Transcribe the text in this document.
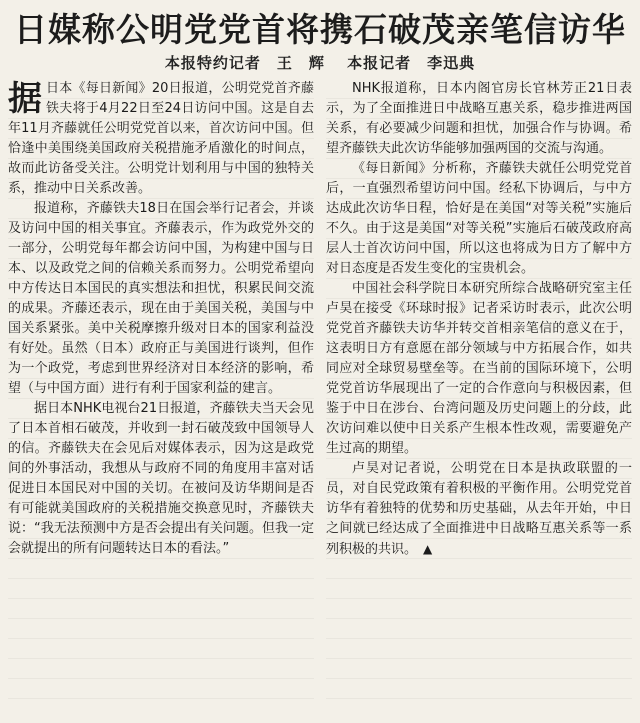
日媒称公明党党首将携石破茂亲笔信访华
本报特约记者　王　辉 本报记者　李迅典

据日本《每日新闻》20日报道，公明党党首齐藤铁夫将于4月22日至24日访问中国。这是自去年11月齐藤就任公明党党首以来，首次访问中国。但恰逢中美围绕美国政府关税措施矛盾激化的时间点，故而此访备受关注。公明党计划利用与中国的独特关系，推动中日关系改善。

报道称，齐藤铁夫18日在国会举行记者会，并谈及访问中国的相关事宜。齐藤表示，作为政党外交的一部分，公明党每年都会访问中国，为构建中国与日本、以及政党之间的信赖关系而努力。公明党希望向中方传达日本国民的真实想法和担忧，积累民间交流的成果。齐藤还表示，现在由于美国关税，美国与中国关系紧张。美中关税摩擦升级对日本的国家利益没有好处。虽然（日本）政府正与美国进行谈判，但作为一个政党，考虑到世界经济对日本经济的影响，希望（与中国方面）进行有利于国家利益的建言。

据日本NHK电视台21日报道，齐藤铁夫当天会见了日本首相石破茂，并收到一封石破茂致中国领导人的信。齐藤铁夫在会见后对媒体表示，因为这是政党间的外事活动，我想从与政府不同的角度用丰富对话促进日本国民对中国的关切。在被问及访华期间是否有可能就美国政府的关税措施交换意见时，齐藤铁夫说：“我无法预测中方是否会提出有关问题。但我一定会就提出的所有问题转达日本的看法。”

NHK报道称，日本内阁官房长官林芳正21日表示，为了全面推进日中战略互惠关系，稳步推进两国关系，有必要减少问题和担忧，加强合作与协调。希望齐藤铁夫此次访华能够加强两国的交流与沟通。

《每日新闻》分析称，齐藤铁夫就任公明党党首后，一直强烈希望访问中国。经私下协调后，与中方达成此次访华日程，恰好是在美国“对等关税”实施后不久。由于这是美国“对等关税”实施后石破茂政府高层人士首次访问中国，所以这也将成为日方了解中方对日态度是否发生变化的宝贵机会。

中国社会科学院日本研究所综合战略研究室主任卢昊在接受《环球时报》记者采访时表示，此次公明党党首齐藤铁夫访华并转交首相亲笔信的意义在于，这表明日方有意愿在部分领域与中方拓展合作，如共同应对全球贸易壁垒等。在当前的国际环境下，公明党党首访华展现出了一定的合作意向与积极因素，但鉴于中日在涉台、台湾问题及历史问题上的分歧，此次访问难以使中日关系产生根本性改观，需要避免产生过高的期望。

卢昊对记者说，公明党在日本是执政联盟的一员，对自民党政策有着积极的平衡作用。公明党党首访华有着独特的优势和历史基础，从去年开始，中日之间就已经达成了全面推进中日战略互惠关系等一系列积极的共识。 ▲
